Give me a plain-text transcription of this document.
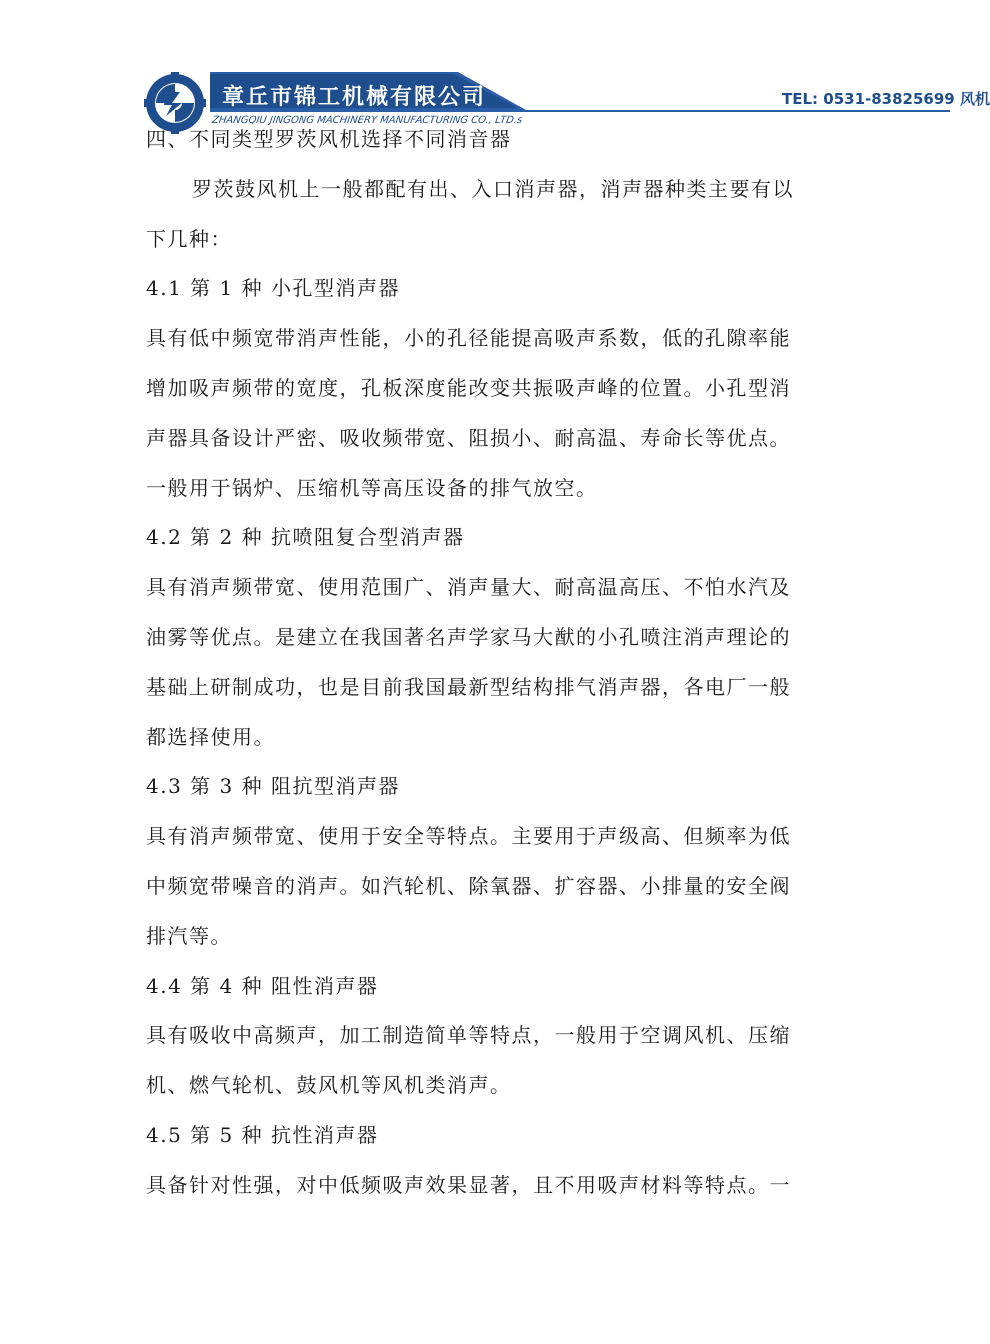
章丘市锦工机械有限公司
ZHANGQIU JINGONG MACHINERY MANUFACTURING CO., LTD.s
TEL: 0531-83825699 风机
四、不同类型罗茨风机选择不同消音器
罗茨鼓风机上一般都配有出、入口消声器，消声器种类主要有以
下几种：
4.1 第 1 种 小孔型消声器
具有低中频宽带消声性能，小的孔径能提高吸声系数，低的孔隙率能
增加吸声频带的宽度，孔板深度能改变共振吸声峰的位置。小孔型消
声器具备设计严密、吸收频带宽、阻损小、耐高温、寿命长等优点。
一般用于锅炉、压缩机等高压设备的排气放空。
4.2 第 2 种 抗喷阻复合型消声器
具有消声频带宽、使用范围广、消声量大、耐高温高压、不怕水汽及
油雾等优点。是建立在我国著名声学家马大猷的小孔喷注消声理论的
基础上研制成功，也是目前我国最新型结构排气消声器，各电厂一般
都选择使用。
4.3 第 3 种 阻抗型消声器
具有消声频带宽、使用于安全等特点。主要用于声级高、但频率为低
中频宽带噪音的消声。如汽轮机、除氧器、扩容器、小排量的安全阀
排汽等。
4.4 第 4 种 阻性消声器
具有吸收中高频声，加工制造简单等特点，一般用于空调风机、压缩
机、燃气轮机、鼓风机等风机类消声。
4.5 第 5 种 抗性消声器
具备针对性强，对中低频吸声效果显著，且不用吸声材料等特点。一
